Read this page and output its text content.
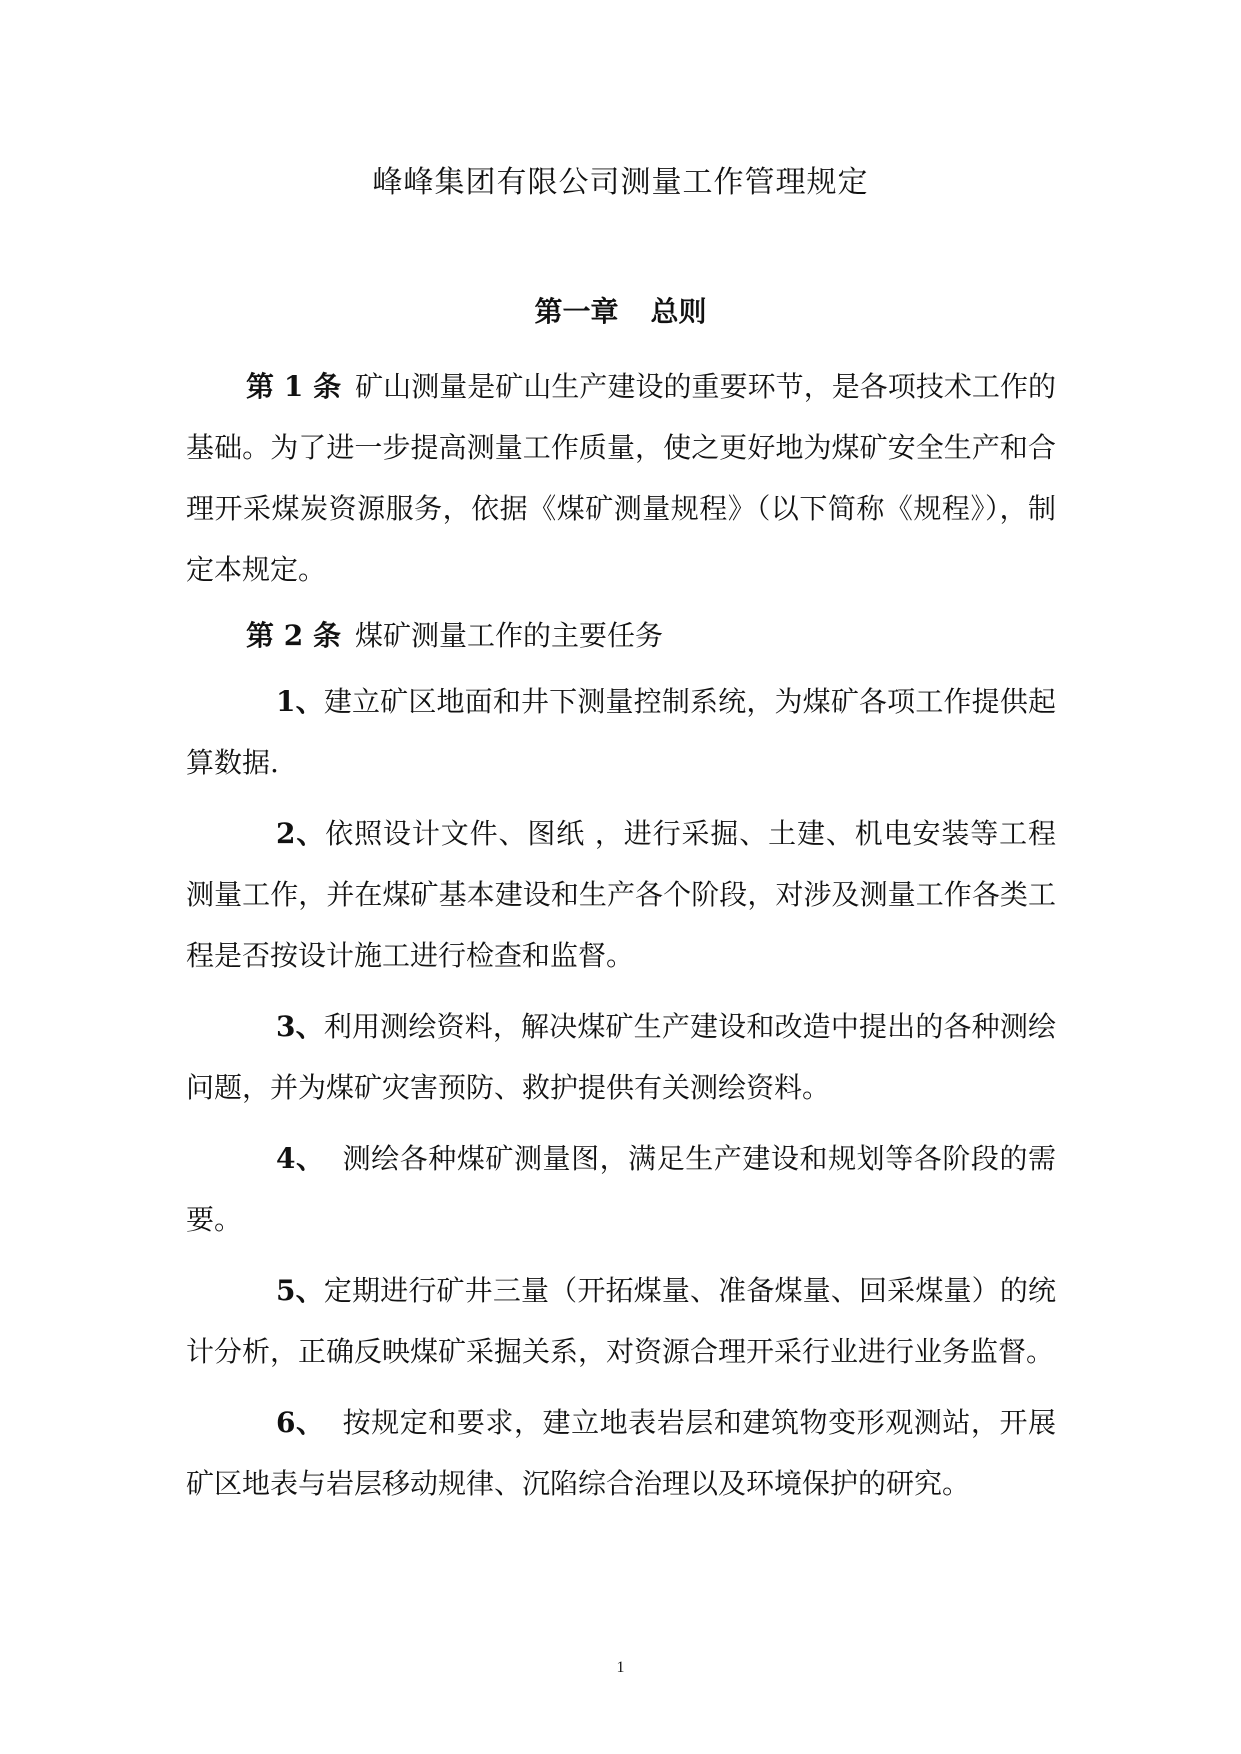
峰峰集团有限公司测量工作管理规定
第一章 总则

第 1 条 矿山测量是矿山生产建设的重要环节，是各项技术工作的基础。为了进一步提高测量工作质量，使之更好地为煤矿安全生产和合理开采煤炭资源服务，依据《煤矿测量规程》（以下简称《规程》），制定本规定。

第 2 条 煤矿测量工作的主要任务

1、建立矿区地面和井下测量控制系统，为煤矿各项工作提供起算数据.

2、依照设计文件、图纸 ，进行采掘、土建、机电安装等工程测量工作，并在煤矿基本建设和生产各个阶段，对涉及测量工作各类工程是否按设计施工进行检查和监督。

3、利用测绘资料，解决煤矿生产建设和改造中提出的各种测绘问题，并为煤矿灾害预防、救护提供有关测绘资料。

4、 测绘各种煤矿测量图，满足生产建设和规划等各阶段的需要。

5、定期进行矿井三量（开拓煤量、准备煤量、回采煤量）的统计分析，正确反映煤矿采掘关系，对资源合理开采行业进行业务监督。

6、 按规定和要求，建立地表岩层和建筑物变形观测站，开展矿区地表与岩层移动规律、沉陷综合治理以及环境保护的研究。

1
